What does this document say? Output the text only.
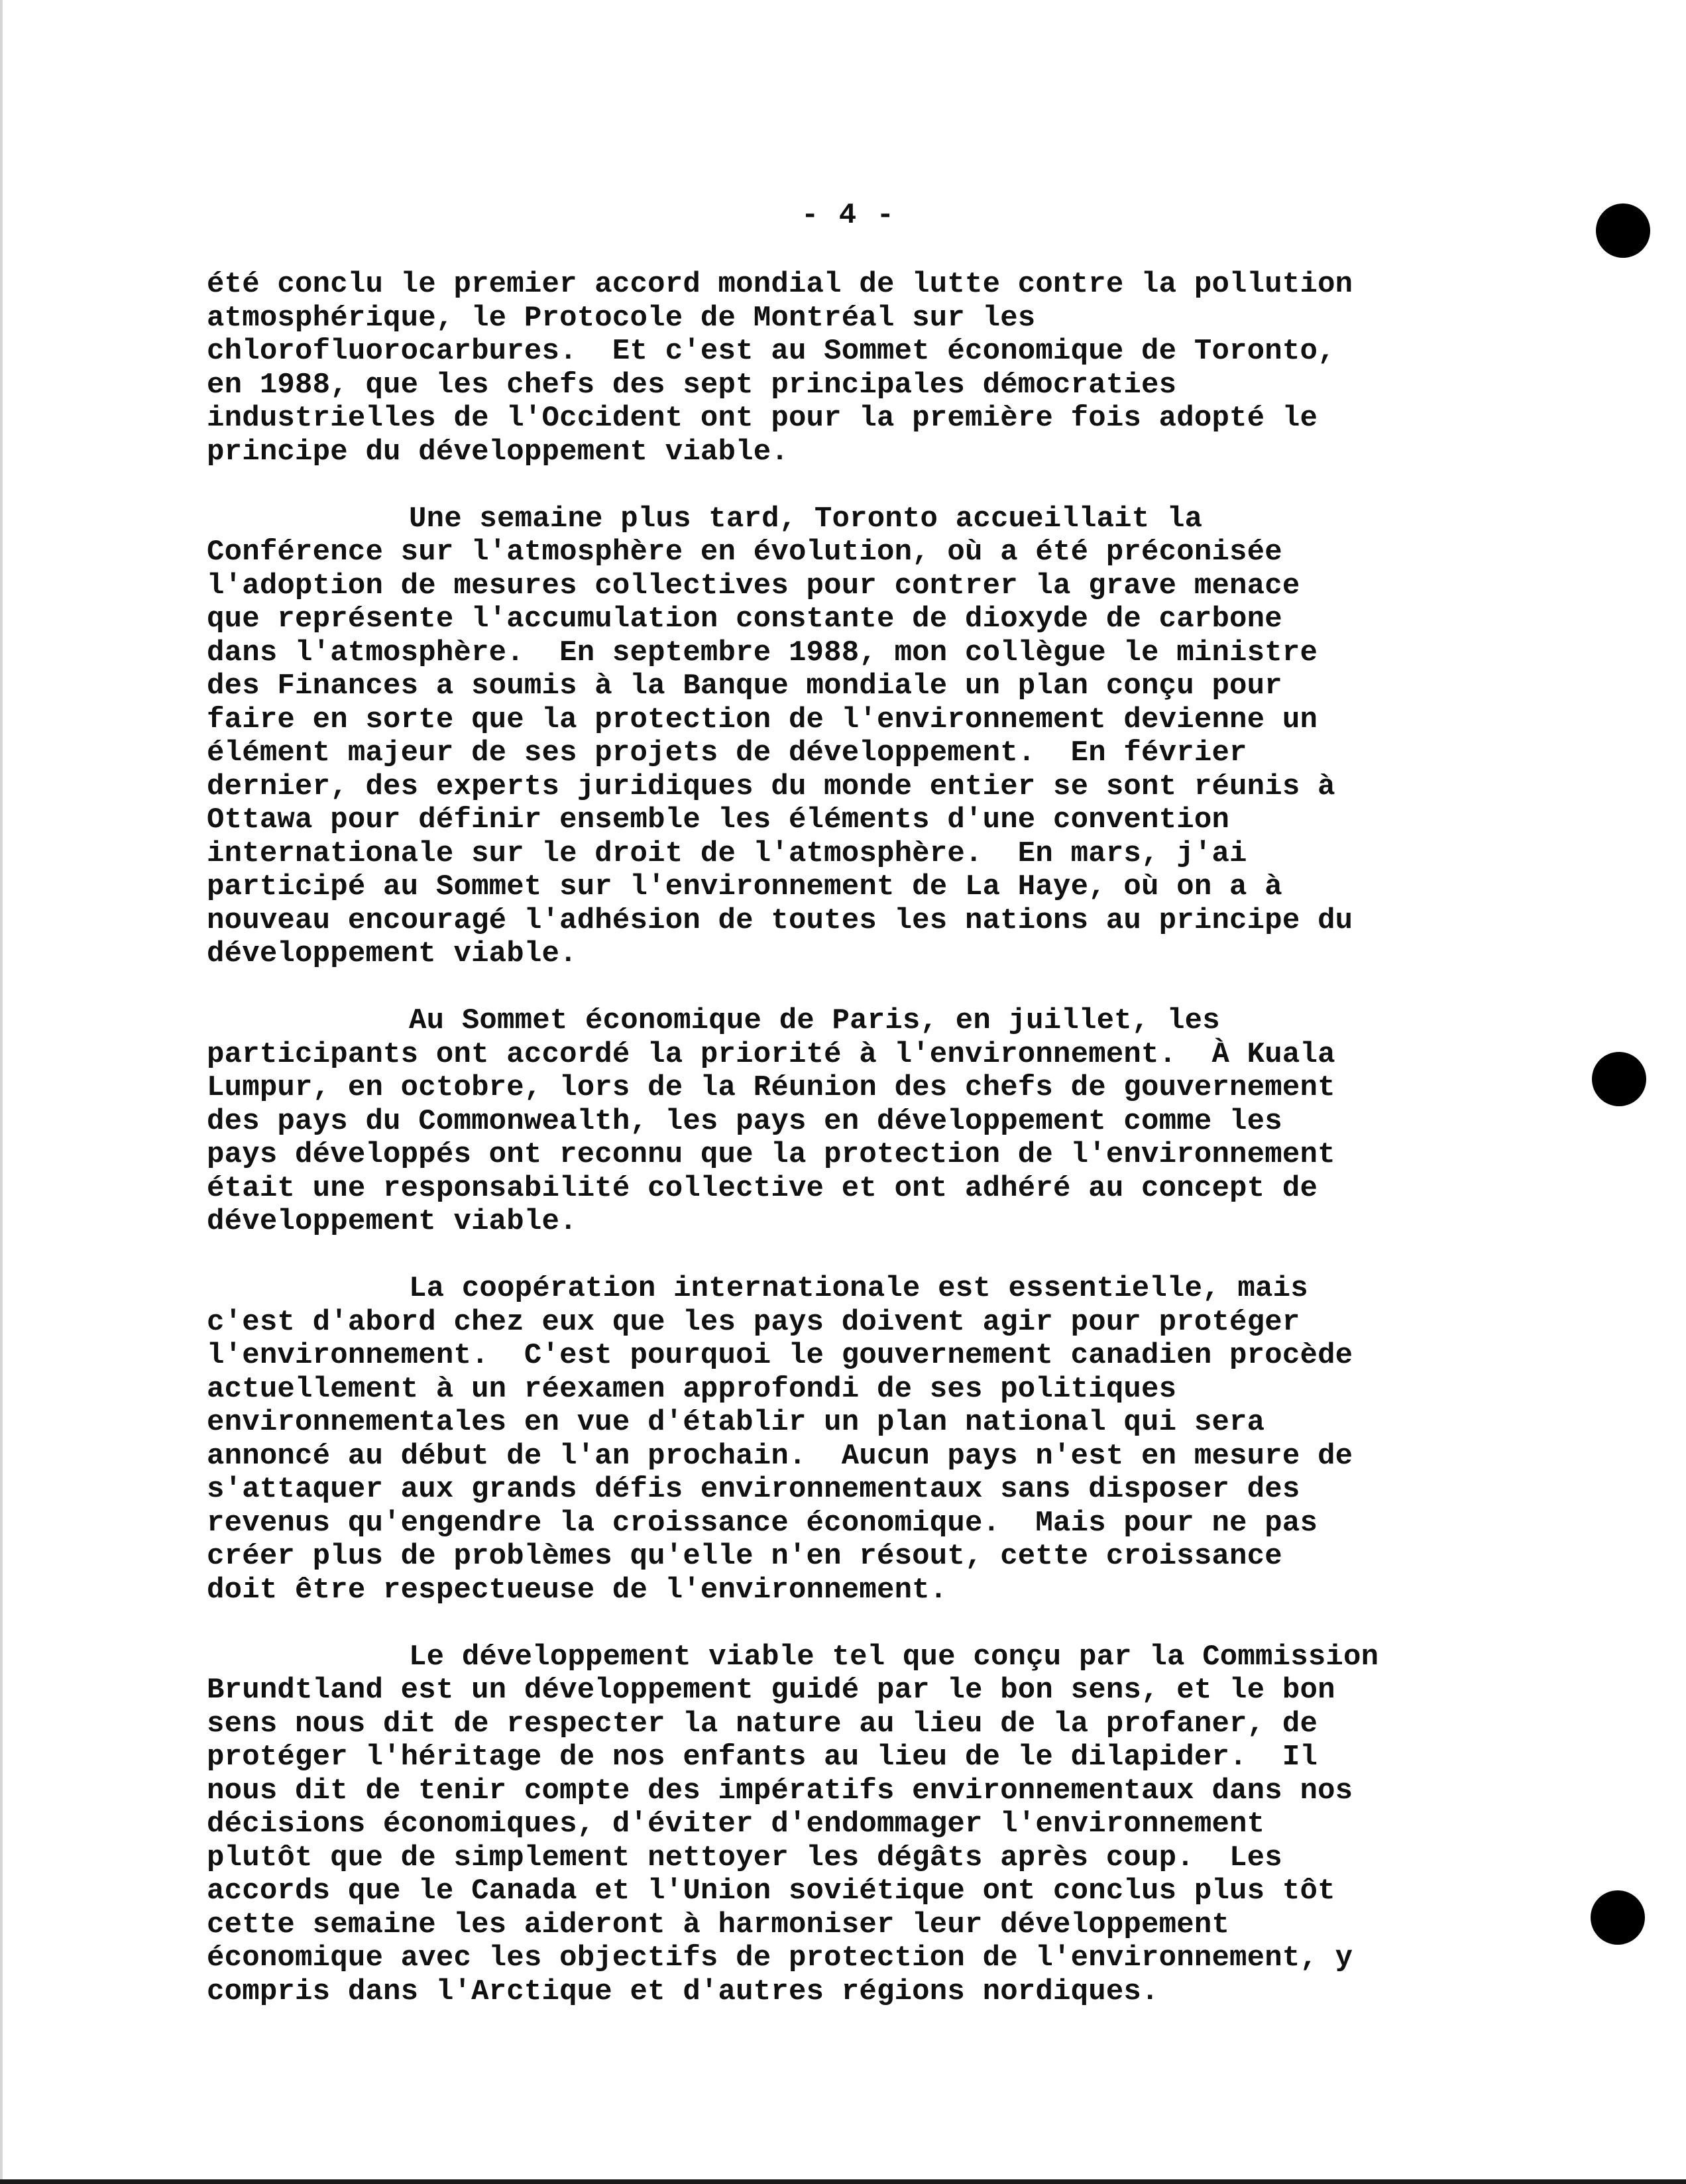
- 4 -
été conclu le premier accord mondial de lutte contre la pollution
atmosphérique, le Protocole de Montréal sur les
chlorofluorocarbures.  Et c'est au Sommet économique de Toronto,
en 1988, que les chefs des sept principales démocraties
industrielles de l'Occident ont pour la première fois adopté le
principe du développement viable.
Une semaine plus tard, Toronto accueillait la
Conférence sur l'atmosphère en évolution, où a été préconisée
l'adoption de mesures collectives pour contrer la grave menace
que représente l'accumulation constante de dioxyde de carbone
dans l'atmosphère.  En septembre 1988, mon collègue le ministre
des Finances a soumis à la Banque mondiale un plan conçu pour
faire en sorte que la protection de l'environnement devienne un
élément majeur de ses projets de développement.  En février
dernier, des experts juridiques du monde entier se sont réunis à
Ottawa pour définir ensemble les éléments d'une convention
internationale sur le droit de l'atmosphère.  En mars, j'ai
participé au Sommet sur l'environnement de La Haye, où on a à
nouveau encouragé l'adhésion de toutes les nations au principe du
développement viable.
Au Sommet économique de Paris, en juillet, les
participants ont accordé la priorité à l'environnement.  À Kuala
Lumpur, en octobre, lors de la Réunion des chefs de gouvernement
des pays du Commonwealth, les pays en développement comme les
pays développés ont reconnu que la protection de l'environnement
était une responsabilité collective et ont adhéré au concept de
développement viable.
La coopération internationale est essentielle, mais
c'est d'abord chez eux que les pays doivent agir pour protéger
l'environnement.  C'est pourquoi le gouvernement canadien procède
actuellement à un réexamen approfondi de ses politiques
environnementales en vue d'établir un plan national qui sera
annoncé au début de l'an prochain.  Aucun pays n'est en mesure de
s'attaquer aux grands défis environnementaux sans disposer des
revenus qu'engendre la croissance économique.  Mais pour ne pas
créer plus de problèmes qu'elle n'en résout, cette croissance
doit être respectueuse de l'environnement.
Le développement viable tel que conçu par la Commission
Brundtland est un développement guidé par le bon sens, et le bon
sens nous dit de respecter la nature au lieu de la profaner, de
protéger l'héritage de nos enfants au lieu de le dilapider.  Il
nous dit de tenir compte des impératifs environnementaux dans nos
décisions économiques, d'éviter d'endommager l'environnement
plutôt que de simplement nettoyer les dégâts après coup.  Les
accords que le Canada et l'Union soviétique ont conclus plus tôt
cette semaine les aideront à harmoniser leur développement
économique avec les objectifs de protection de l'environnement, y
compris dans l'Arctique et d'autres régions nordiques.
